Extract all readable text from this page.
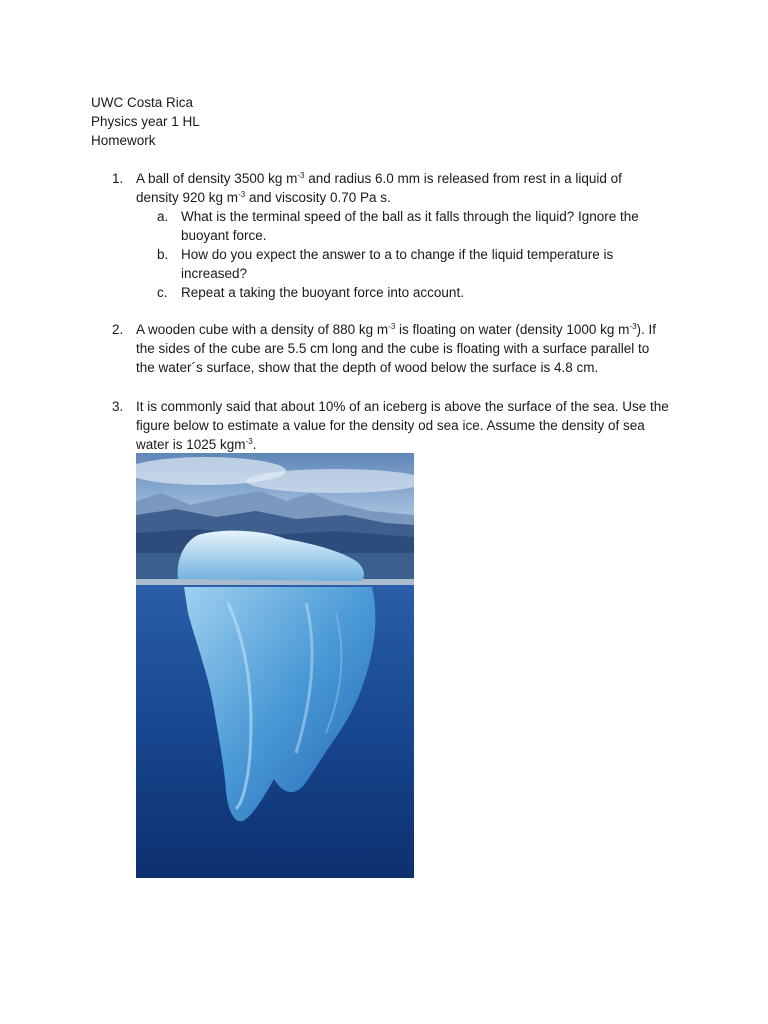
UWC Costa Rica
Physics year 1 HL
Homework
1. A ball of density 3500 kg $m^{-3}$ and radius 6.0 mm is released from rest in a liquid of
density 920 kg $m^{-3}$ and viscosity 0.70 Pa s.
a. What is the terminal speed of the ball as it falls through the liquid? Ignore the
buoyant force.
b. How do you expect the answer to a to change if the liquid temperature is
increased?
c. Repeat a taking the buoyant force into account.
2. A wooden cube with a density of 880 kg $m^{-3}$ is floating on water (density 1000 kg $m^{-3}$). If
the sides of the cube are 5.5 cm long and the cube is floating with a surface parallel to
the water´s surface, show that the depth of wood below the surface is 4.8 cm.
3. It is commonly said that about 10% of an iceberg is above the surface of the sea. Use the
figure below to estimate a value for the density od sea ice. Assume the density of sea
water is 1025 kgm$^{-3}$.
